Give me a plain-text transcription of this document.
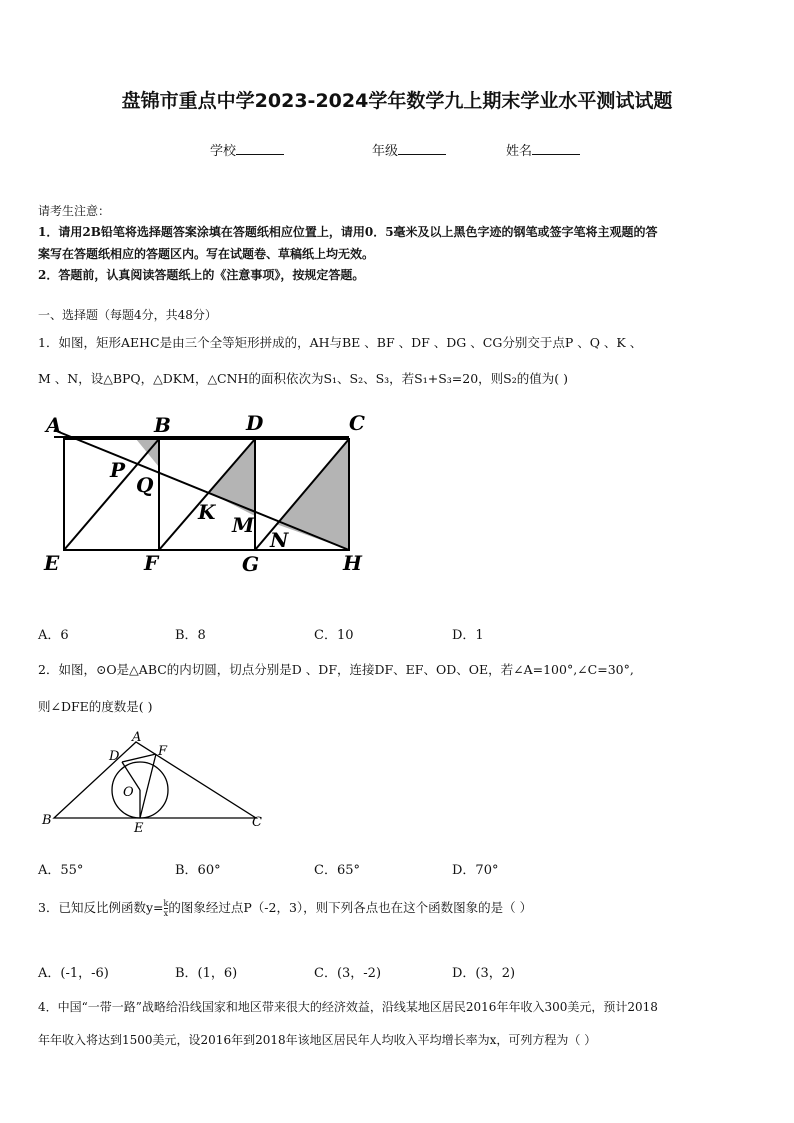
盘锦市重点中学2023-2024学年数学九上期末学业水平测试试题
学校	年级	姓名
请考生注意：
1．请用2B铅笔将选择题答案涂填在答题纸相应位置上，请用0．5毫米及以上黑色字迹的钢笔或签字笔将主观题的答
案写在答题纸相应的答题区内。写在试题卷、草稿纸上均无效。
2．答题前，认真阅读答题纸上的《注意事项》，按规定答题。
一、选择题（每题4分，共48分）
1．如图，矩形AEHC是由三个全等矩形拼成的，AH与BE 、BF 、DF 、DG 、CG分别交于点P 、Q 、K 、
M 、N，设△BPQ，△DKM，△CNH的面积依次为S₁、S₂、S₃，若S₁+S₃=20，则S₂的值为( )
A	B	D	C
P
Q
K
M
N
E	F	G	H
A．6	B．8	C．10	D．1
2．如图，⊙O是△ABC的内切圆，切点分别是D 、DF，连接DF、EF、OD、OE，若∠A=100°,∠C=30°,
则∠DFE的度数是( )
A
D	F
O
B
E	C
A．55°	B．60°	C．65°	D．70°
3．已知反比例函数$y= \frac{k}{x}$ 的图象经过点P（-2，3），则下列各点也在这个函数图象的是（ ）
A．(-1，-6)	B．(1，6)	C．(3，-2)	D．(3，2)
4．中国“一带一路”战略给沿线国家和地区带来很大的经济效益，沿线某地区居民2016年年收入300美元，预计2018
年年收入将达到1500美元，设2016年到2018年该地区居民年人均收入平均增长率为x，可列方程为（ ）
